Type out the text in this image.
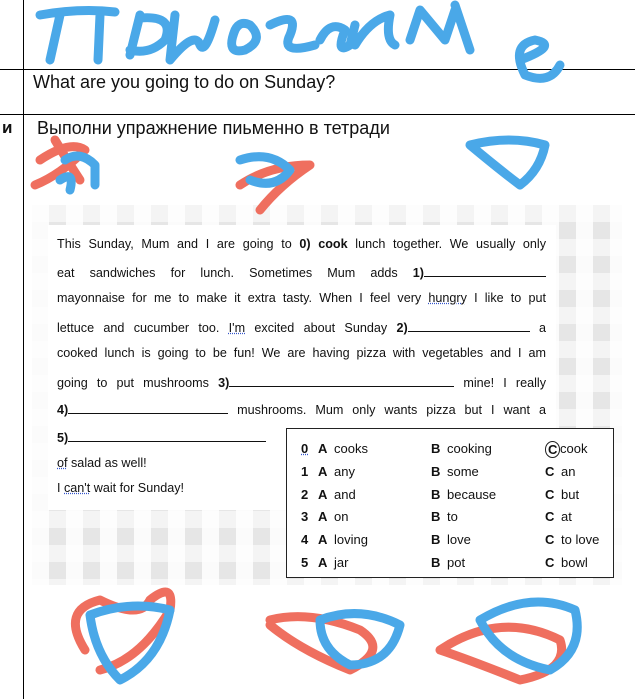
What are you going to do on Sunday?
и Выполни упражнение пиьменно в тетради
This Sunday, Mum and I are going to 0) cook lunch together. We usually only
eat sandwiches for lunch. Sometimes Mum adds 1)
mayonnaise for me to make it extra tasty. When I feel very hungry I like to put
lettuce and cucumber too. I'm excited about Sunday 2)	a
cooked lunch is going to be fun! We are having pizza with vegetables and I am
going to put mushrooms 3)	mine! I really
4)	mushrooms. Mum only wants pizza but I want a
5)
of salad as well!
I can't wait for Sunday!
0 A cooks	B cooking	C cook
1 A any	B some	C an
2 A and	B because	C but
3 A on	B to	C at
4 A loving	B love	C to love
5 A jar	B pot	C bowl
